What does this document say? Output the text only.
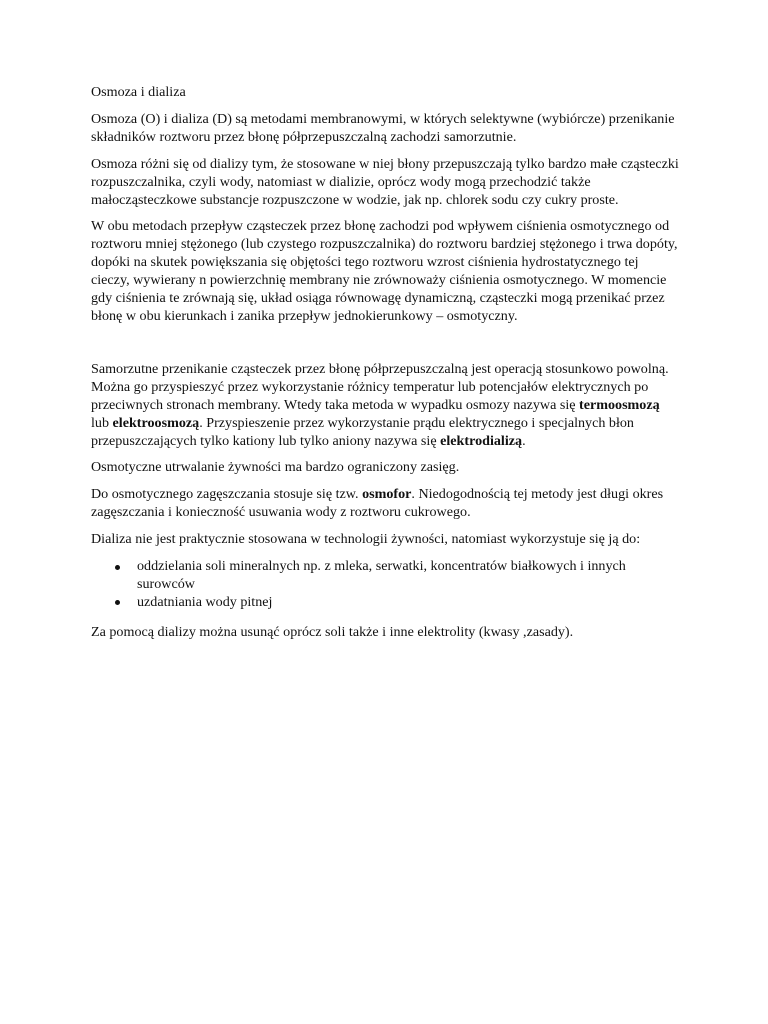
Osmoza i dializa

Osmoza (O) i dializa (D) są metodami membranowymi, w których selektywne (wybiórcze) przenikanie składników roztworu przez błonę półprzepuszczalną zachodzi samorzutnie.

Osmoza różni się od dializy tym, że stosowane w niej błony przepuszczają tylko bardzo małe cząsteczki rozpuszczalnika, czyli wody, natomiast w dializie, oprócz wody mogą przechodzić także małocząsteczkowe substancje rozpuszczone w wodzie, jak np. chlorek sodu czy cukry proste.

W obu metodach przepływ cząsteczek przez błonę zachodzi pod wpływem ciśnienia osmotycznego od roztworu mniej stężonego (lub czystego rozpuszczalnika) do roztworu bardziej stężonego i trwa dopóty, dopóki na skutek powiększania się objętości tego roztworu wzrost ciśnienia hydrostatycznego tej cieczy, wywierany n powierzchnię membrany nie zrównoważy ciśnienia osmotycznego. W momencie gdy ciśnienia te zrównają się, układ osiąga równowagę dynamiczną, cząsteczki mogą przenikać przez błonę w obu kierunkach i zanika przepływ jednokierunkowy – osmotyczny.

Samorzutne przenikanie cząsteczek przez błonę półprzepuszczalną jest operacją stosunkowo powolną. Można go przyspieszyć przez wykorzystanie różnicy temperatur lub potencjałów elektrycznych po przeciwnych stronach membrany. Wtedy taka metoda w wypadku osmozy nazywa się termoosmozą lub elektroosmozą. Przyspieszenie przez wykorzystanie prądu elektrycznego i specjalnych błon przepuszczających tylko kationy lub tylko aniony nazywa się elektrodializą.

Osmotyczne utrwalanie żywności ma bardzo ograniczony zasięg.

Do osmotycznego zagęszczania stosuje się tzw. osmofor. Niedogodnością tej metody jest długi okres zagęszczania i konieczność usuwania wody z roztworu cukrowego.

Dializa nie jest praktycznie stosowana w technologii żywności, natomiast wykorzystuje się ją do:

oddzielania soli mineralnych np. z mleka, serwatki, koncentratów białkowych i innych surowców
uzdatniania wody pitnej

Za pomocą dializy można usunąć oprócz soli także i inne elektrolity (kwasy ,zasady).
